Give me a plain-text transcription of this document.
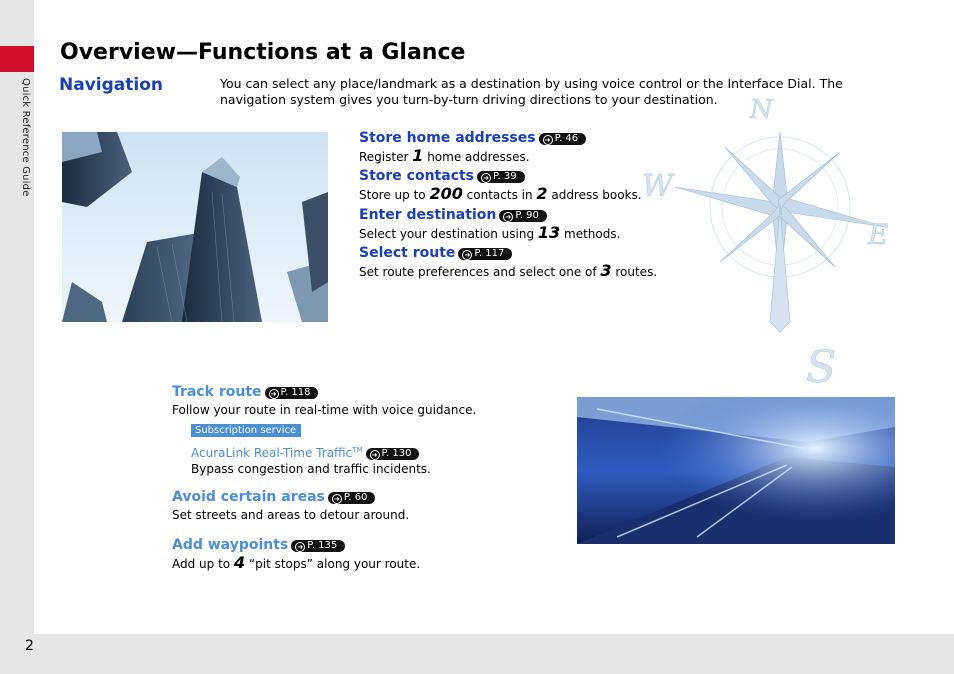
Quick Reference Guide
2
Overview—Functions at a Glance
Navigation	You can select any place/landmark as a destination by using voice control or the Interface Dial. The navigation system gives you turn-by-turn driving directions to your destination.	N
W
E
S
Store home addresses ➜ P. 46
Register 1 home addresses.
Store contacts ➜ P. 39
Store up to 200 contacts in 2 address books.
Enter destination ➜ P. 90
Select your destination using 13 methods.
Select route ➜ P. 117
Set route preferences and select one of 3 routes.
Track route ➜ P. 118
Follow your route in real-time with voice guidance.
Subscription service
AcuraLink Real-Time Traffic™➜ P. 130
Bypass congestion and traffic incidents.
Avoid certain areas ➜ P. 60
Set streets and areas to detour around.
Add waypoints ➜ P. 135
Add up to 4 “pit stops” along your route.
